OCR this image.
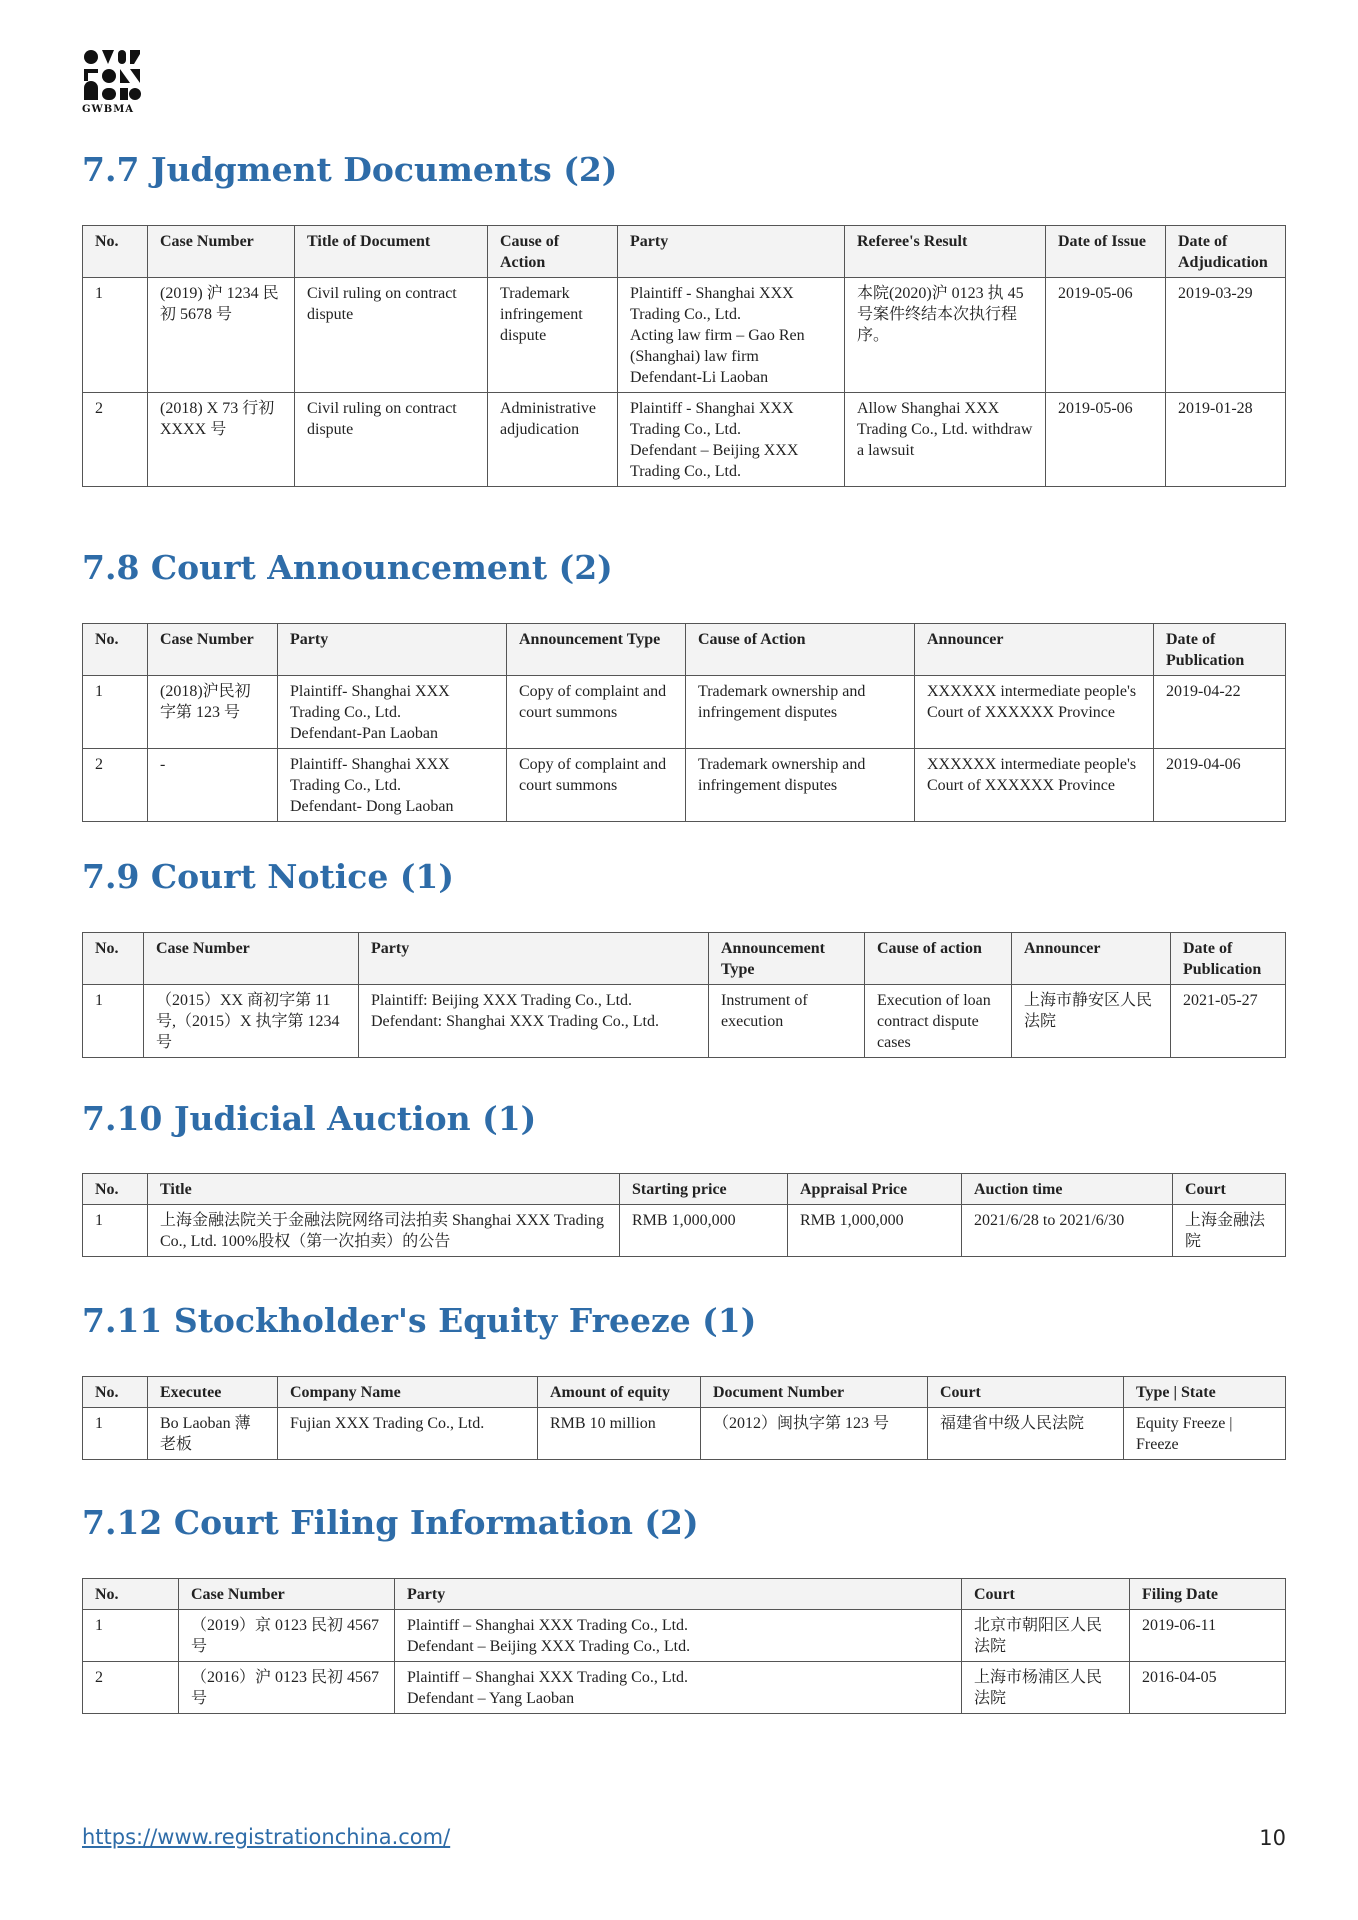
GWBMA
7.7 Judgment Documents (2)
No.	Case Number	Title of Document	Cause of Action	Party	Referee's Result	Date of Issue	Date of Adjudication
1	(2019) 沪 1234 民初 5678 号	Civil ruling on contract dispute	Trademark infringement dispute	Plaintiff - Shanghai XXX Trading Co., Ltd.
Acting law firm – Gao Ren (Shanghai) law firm
Defendant-Li Laoban	本院(2020)沪 0123 执 45 号案件终结本次执行程序。	2019-05-06	2019-03-29
2	(2018) X 73 行初 XXXX 号	Civil ruling on contract dispute	Administrative adjudication	Plaintiff - Shanghai XXX Trading Co., Ltd.
Defendant – Beijing XXX Trading Co., Ltd.	Allow Shanghai XXX Trading Co., Ltd. withdraw a lawsuit	2019-05-06	2019-01-28
7.8 Court Announcement (2)
No.	Case Number	Party	Announcement Type	Cause of Action	Announcer	Date of Publication
1	(2018)沪民初字第 123 号	Plaintiff- Shanghai XXX Trading Co., Ltd.
Defendant-Pan Laoban	Copy of complaint and court summons	Trademark ownership and infringement disputes	XXXXXX intermediate people's Court of XXXXXX Province	2019-04-22
2	-	Plaintiff- Shanghai XXX Trading Co., Ltd.
Defendant- Dong Laoban	Copy of complaint and court summons	Trademark ownership and infringement disputes	XXXXXX intermediate people's Court of XXXXXX Province	2019-04-06
7.9 Court Notice (1)
No.	Case Number	Party	Announcement Type	Cause of action	Announcer	Date of Publication
1	（2015）XX 商初字第 11 号,（2015）X 执字第 1234 号	Plaintiff: Beijing XXX Trading Co., Ltd. Defendant: Shanghai XXX Trading Co., Ltd.	Instrument of execution	Execution of loan contract dispute cases	上海市静安区人民法院	2021-05-27
7.10 Judicial Auction (1)
No.	Title	Starting price	Appraisal Price	Auction time	Court
1	上海金融法院关于金融法院网络司法拍卖 Shanghai XXX Trading Co., Ltd. 100%股权（第一次拍卖）的公告	RMB 1,000,000	RMB 1,000,000	2021/6/28 to 2021/6/30	上海金融法院
7.11 Stockholder's Equity Freeze (1)
No.	Executee	Company Name	Amount of equity	Document Number	Court	Type | State
1	Bo Laoban 薄老板	Fujian XXX Trading Co., Ltd.	RMB 10 million	（2012）闽执字第 123 号	福建省中级人民法院	Equity Freeze | Freeze
7.12 Court Filing Information (2)
No.	Case Number	Party	Court	Filing Date
1	（2019）京 0123 民初 4567 号	Plaintiff – Shanghai XXX Trading Co., Ltd.
Defendant – Beijing XXX Trading Co., Ltd.	北京市朝阳区人民法院	2019-06-11
2	（2016）沪 0123 民初 4567 号	Plaintiff – Shanghai XXX Trading Co., Ltd.
Defendant – Yang Laoban	上海市杨浦区人民法院	2016-04-05
https://www.registrationchina.com/	10
